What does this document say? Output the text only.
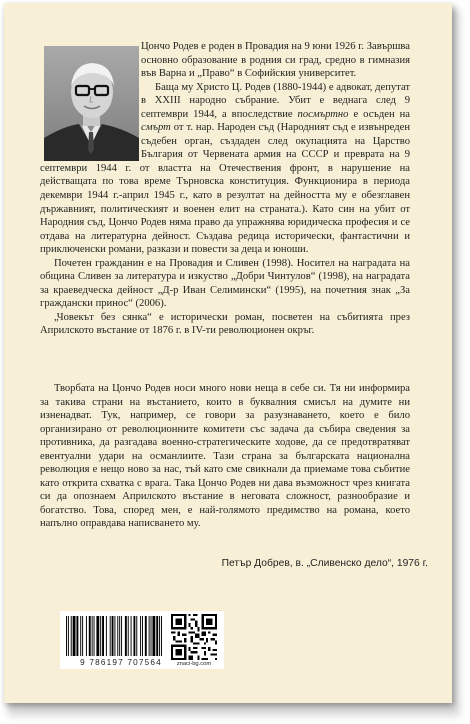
Цончо Родев е роден в Провадия на 9 юни 1926 г. Завършва основно образование в родния си град, средно в гимназия във Варна и „Право“ в Софийския университет.

Баща му Христо Ц. Родев (1880-1944) е адвокат, депутат в XXIII народно събрание. Убит е веднага след 9 септември 1944, а впоследствие посмъртно е осъден на смърт от т. нар. Народен съд (Народният съд е извънреден съдебен орган, създаден след окупацията на Царство България от Червената армия на СССР и превратa на 9 септември 1944 г. от властта на Отечествения фронт, в нарушение на действащата по това време Търновска конституция. Функционира в периода декември 1944 г.-април 1945 г., като в резултат на дейността му е обезглавен държавният, политическият и военен елит на страната.). Като син на убит от Народния съд, Цончо Родев няма право да упражнява юридическа професия и се отдава на литературна дейност. Създава редица исторически, фантастични и приключенски романи, разкази и повести за деца и юноши.

Почетен гражданин е на Провадия и Сливен (1998). Носител на наградата на община Сливен за литература и изкуство „Добри Чинтулов“ (1998), на наградата за краеведческа дейност „Д-р Иван Селимински“ (1995), на почетния знак „За граждански принос“ (2006).

„Човекът без сянка“ е исторически роман, посветен на събитията през Априлското въстание от 1876 г. в IV-ти революционен окръг.

Творбата на Цончо Родев носи много нови неща в себе си. Тя ни информира за такива страни на въстанието, които в буквалния смисъл на думите ни изненадват. Тук, например, се говори за разузнаването, което е било организирано от революционните комитети със задача да събира сведения за противника, да разгадава военно-стратегическите ходове, да се предотвратяват евентуални удари на османлиите. Тази страна за българската национална революция е нещо ново за нас, тъй като сме свикнали да приемаме това събитие като открита схватка с врага. Така Цончо Родев ни дава възможност чрез книгата си да опознаем Априлското въстание в неговата сложност, разнообразие и богатство. Това, според мен, е най-голямото предимство на романа, което напълно оправдава написването му.

Петър Добрев, в. „Сливенско дело“, 1976 г.
9 786197 707564	znaci-bg.com
